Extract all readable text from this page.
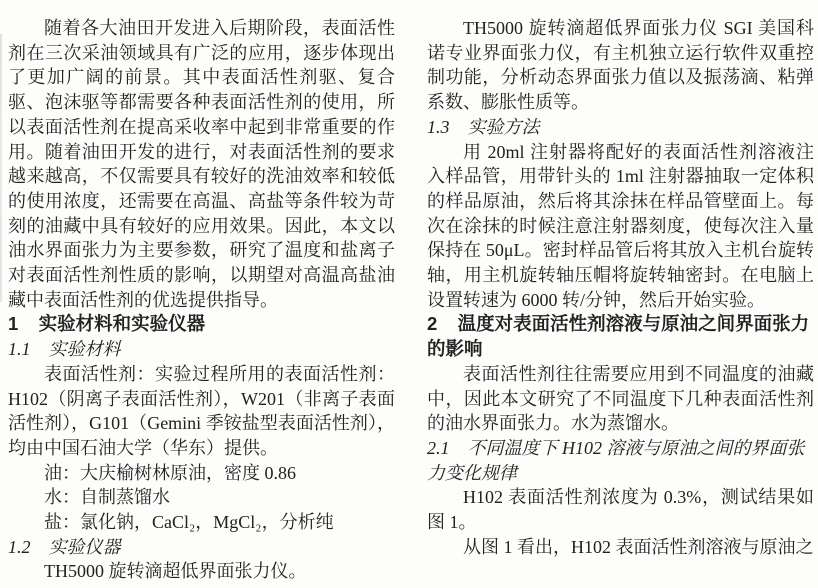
随着各大油田开发进入后期阶段，表面活性剂在三次采油领域具有广泛的应用，逐步体现出了更加广阔的前景。其中表面活性剂驱、复合驱、泡沫驱等都需要各种表面活性剂的使用，所以表面活性剂在提高采收率中起到非常重要的作用。随着油田开发的进行，对表面活性剂的要求越来越高，不仅需要具有较好的洗油效率和较低的使用浓度，还需要在高温、高盐等条件较为苛刻的油藏中具有较好的应用效果。因此，本文以油水界面张力为主要参数，研究了温度和盐离子对表面活性剂性质的影响，以期望对高温高盐油藏中表面活性剂的优选提供指导。

1 实验材料和实验仪器
1.1 实验材料

表面活性剂：实验过程所用的表面活性剂：H102（阴离子表面活性剂），W201（非离子表面活性剂），G101（Gemini 季铵盐型表面活性剂），均由中国石油大学（华东）提供。

油：大庆榆树林原油，密度 0.86

水：自制蒸馏水

盐：氯化钠，CaCl₂，MgCl₂，分析纯

1.2 实验仪器

TH5000 旋转滴超低界面张力仪。

TH5000 旋转滴超低界面张力仪 SGI 美国科诺专业界面张力仪，有主机独立运行软件双重控制功能，分析动态界面张力值以及振荡滴、粘弹系数、膨胀性质等。

1.3 实验方法

用 20ml 注射器将配好的表面活性剂溶液注入样品管，用带针头的 1ml 注射器抽取一定体积的样品原油，然后将其涂抹在样品管壁面上。每次在涂抹的时候注意注射器刻度，使每次注入量保持在 50μL。密封样品管后将其放入主机台旋转轴，用主机旋转轴压帽将旋转轴密封。在电脑上设置转速为 6000 转/分钟，然后开始实验。

2 温度对表面活性剂溶液与原油之间界面张力的影响

表面活性剂往往需要应用到不同温度的油藏中，因此本文研究了不同温度下几种表面活性剂的油水界面张力。水为蒸馏水。

2.1 不同温度下 H102 溶液与原油之间的界面张力变化规律

H102 表面活性剂浓度为 0.3%，测试结果如图 1。

从图 1 看出，H102 表面活性剂溶液与原油之
